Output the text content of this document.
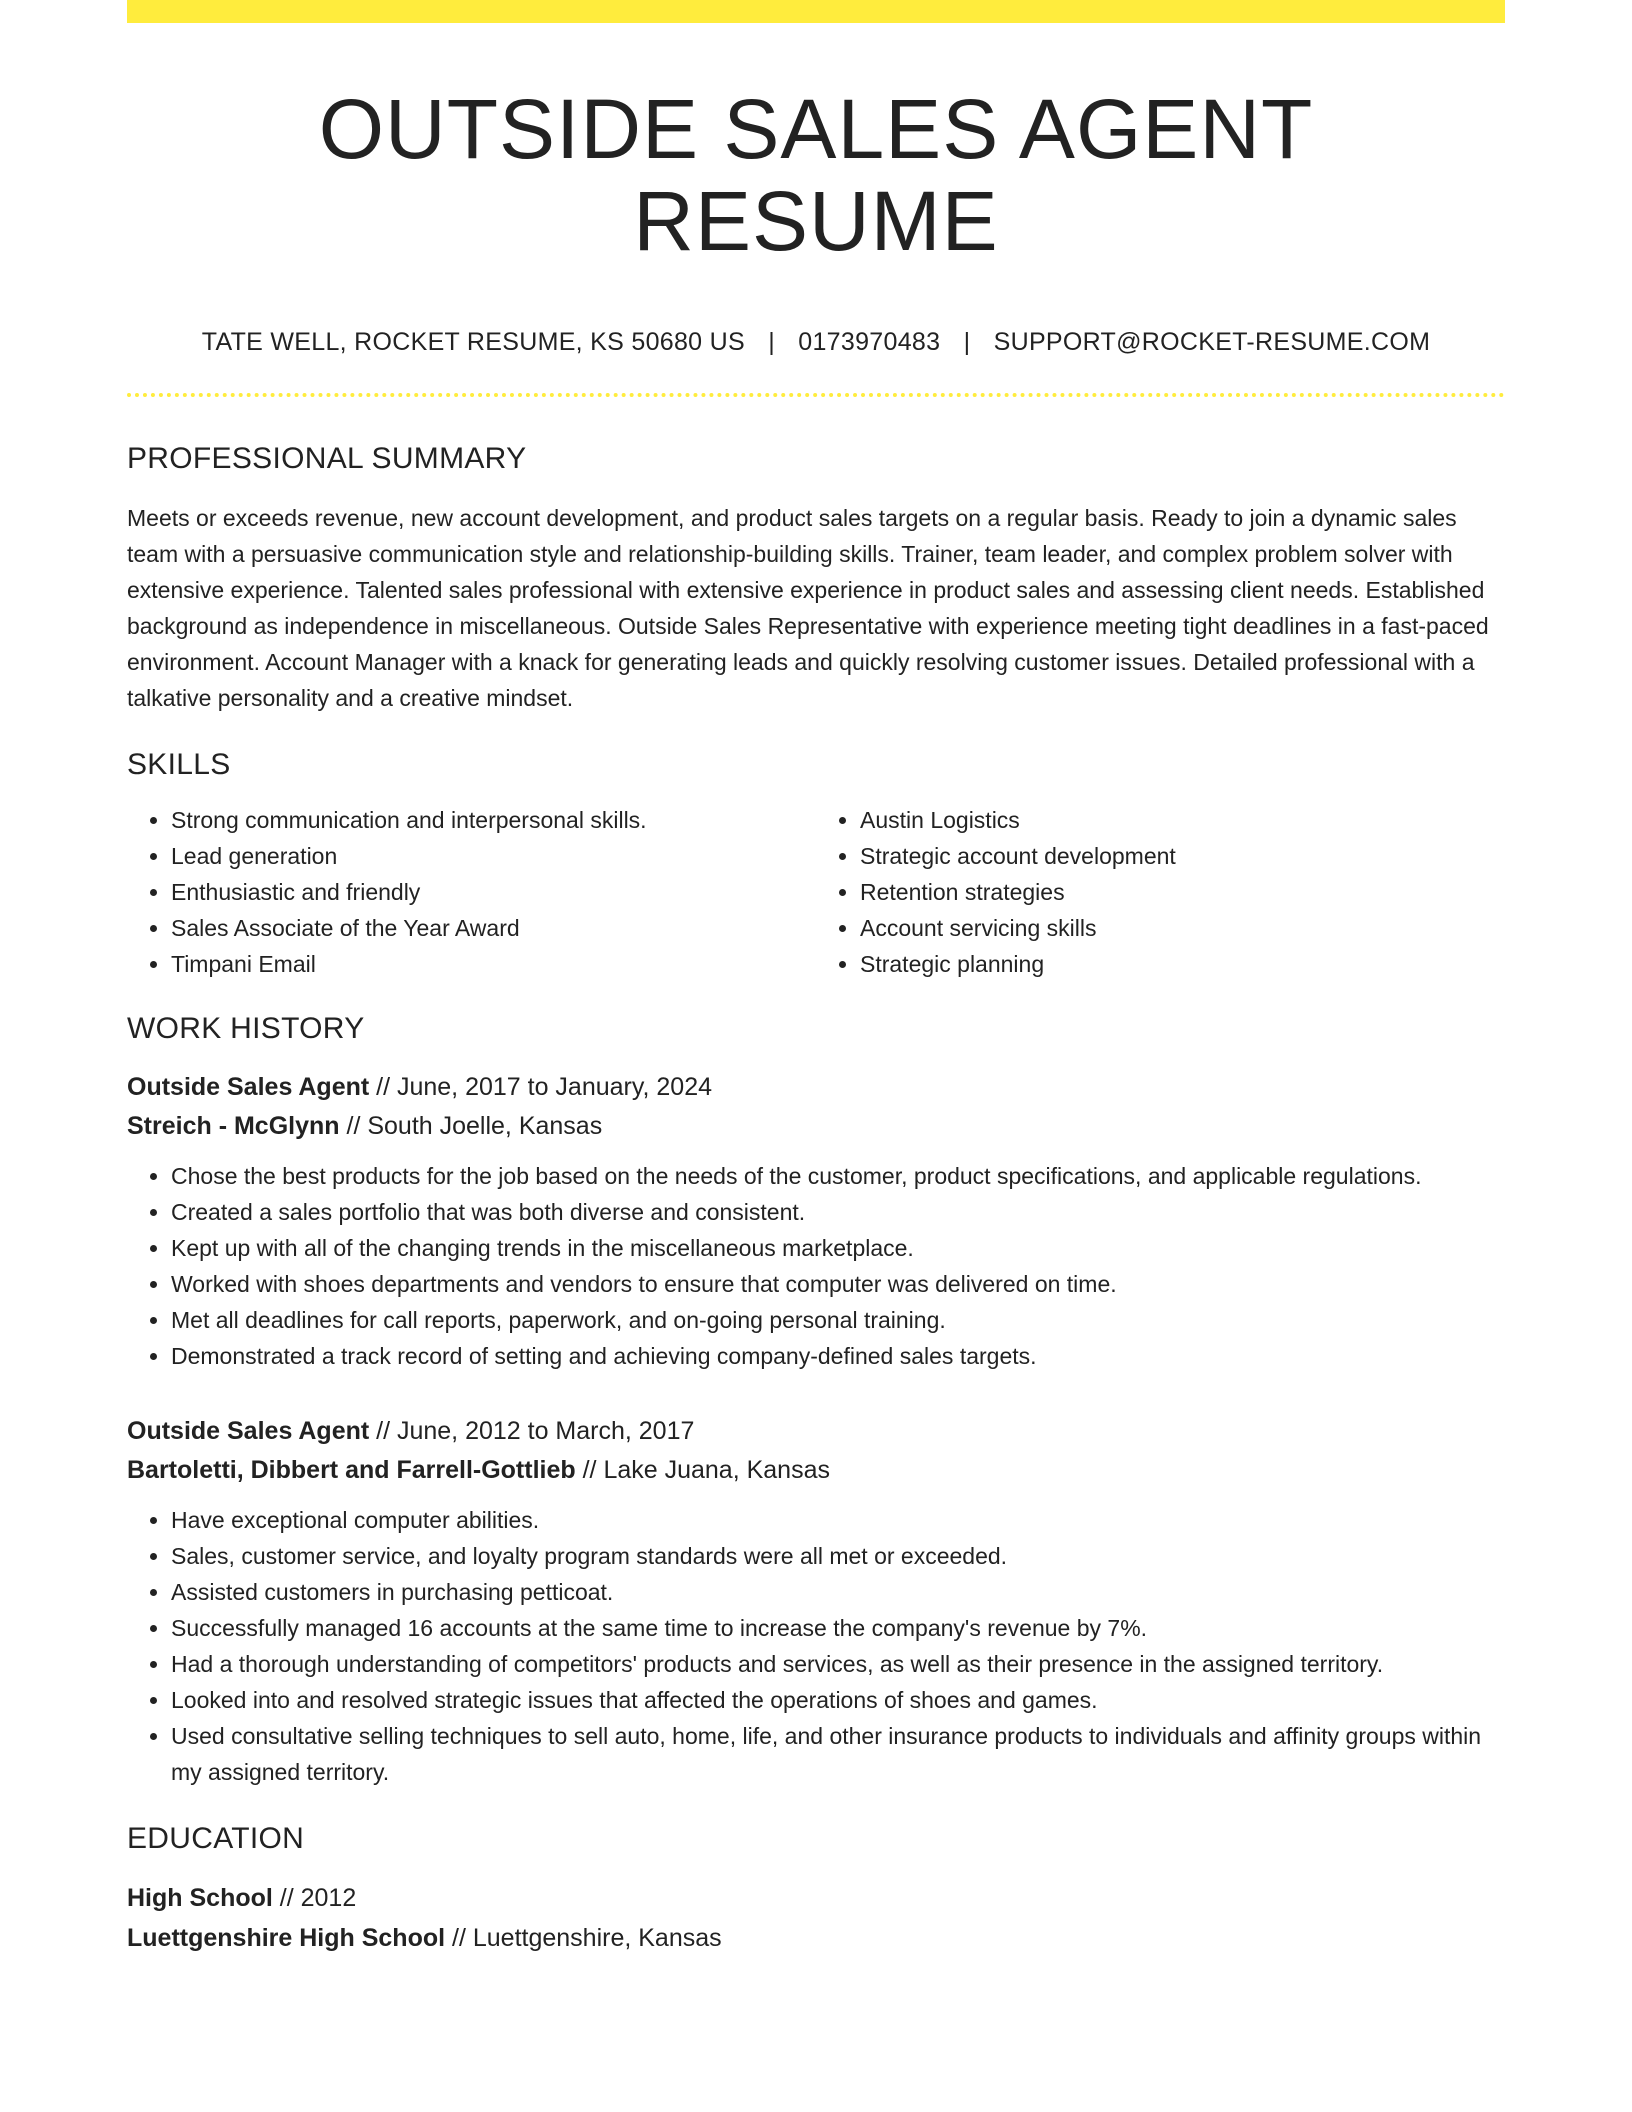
OUTSIDE SALES AGENT RESUME
TATE WELL, ROCKET RESUME, KS 50680 US | 0173970483 | SUPPORT@ROCKET-RESUME.COM
PROFESSIONAL SUMMARY
Meets or exceeds revenue, new account development, and product sales targets on a regular basis. Ready to join a dynamic sales team with a persuasive communication style and relationship-building skills. Trainer, team leader, and complex problem solver with extensive experience. Talented sales professional with extensive experience in product sales and assessing client needs. Established background as independence in miscellaneous. Outside Sales Representative with experience meeting tight deadlines in a fast-paced environment. Account Manager with a knack for generating leads and quickly resolving customer issues. Detailed professional with a talkative personality and a creative mindset.
SKILLS
• Strong communication and interpersonal skills.
• Lead generation
• Enthusiastic and friendly
• Sales Associate of the Year Award
• Timpani Email
• Austin Logistics
• Strategic account development
• Retention strategies
• Account servicing skills
• Strategic planning
WORK HISTORY
Outside Sales Agent // June, 2017 to January, 2024
Streich - McGlynn // South Joelle, Kansas
• Chose the best products for the job based on the needs of the customer, product specifications, and applicable regulations.
• Created a sales portfolio that was both diverse and consistent.
• Kept up with all of the changing trends in the miscellaneous marketplace.
• Worked with shoes departments and vendors to ensure that computer was delivered on time.
• Met all deadlines for call reports, paperwork, and on-going personal training.
• Demonstrated a track record of setting and achieving company-defined sales targets.
Outside Sales Agent // June, 2012 to March, 2017
Bartoletti, Dibbert and Farrell-Gottlieb // Lake Juana, Kansas
• Have exceptional computer abilities.
• Sales, customer service, and loyalty program standards were all met or exceeded.
• Assisted customers in purchasing petticoat.
• Successfully managed 16 accounts at the same time to increase the company's revenue by 7%.
• Had a thorough understanding of competitors' products and services, as well as their presence in the assigned territory.
• Looked into and resolved strategic issues that affected the operations of shoes and games.
• Used consultative selling techniques to sell auto, home, life, and other insurance products to individuals and affinity groups within my assigned territory.
EDUCATION
High School // 2012
Luettgenshire High School // Luettgenshire, Kansas
